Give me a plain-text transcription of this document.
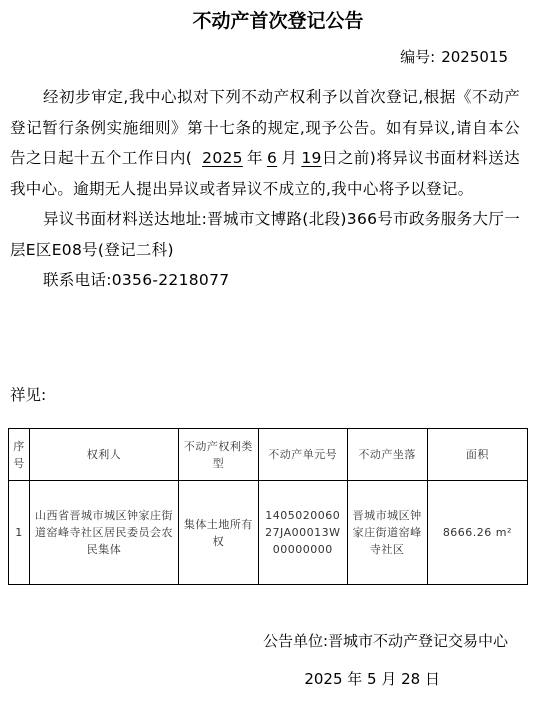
不动产首次登记公告
编号: 2025015

经初步审定,我中心拟对下列不动产权利予以首次登记,根据《不动产登记暂行条例实施细则》第十七条的规定,现予公告。如有异议,请自本公告之日起十五个工作日内( 2025 年 6 月 19日之前)将异议书面材料送达我中心。逾期无人提出异议或者异议不成立的,我中心将予以登记。

异议书面材料送达地址:晋城市文博路(北段)366号市政务服务大厅一层E区E08号(登记二科)

联系电话:0356-2218077

祥见:
序号	权利人	不动产权利类型	不动产单元号	不动产坐落	面积
1	山西省晋城市城区钟家庄街道窑峰寺社区居民委员会农民集体	集体土地所有权	140502006027JA00013W00000000	晋城市城区钟家庄街道窑峰寺社区	8666.26 m²
公告单位:晋城市不动产登记交易中心
2025 年 5 月 28 日
